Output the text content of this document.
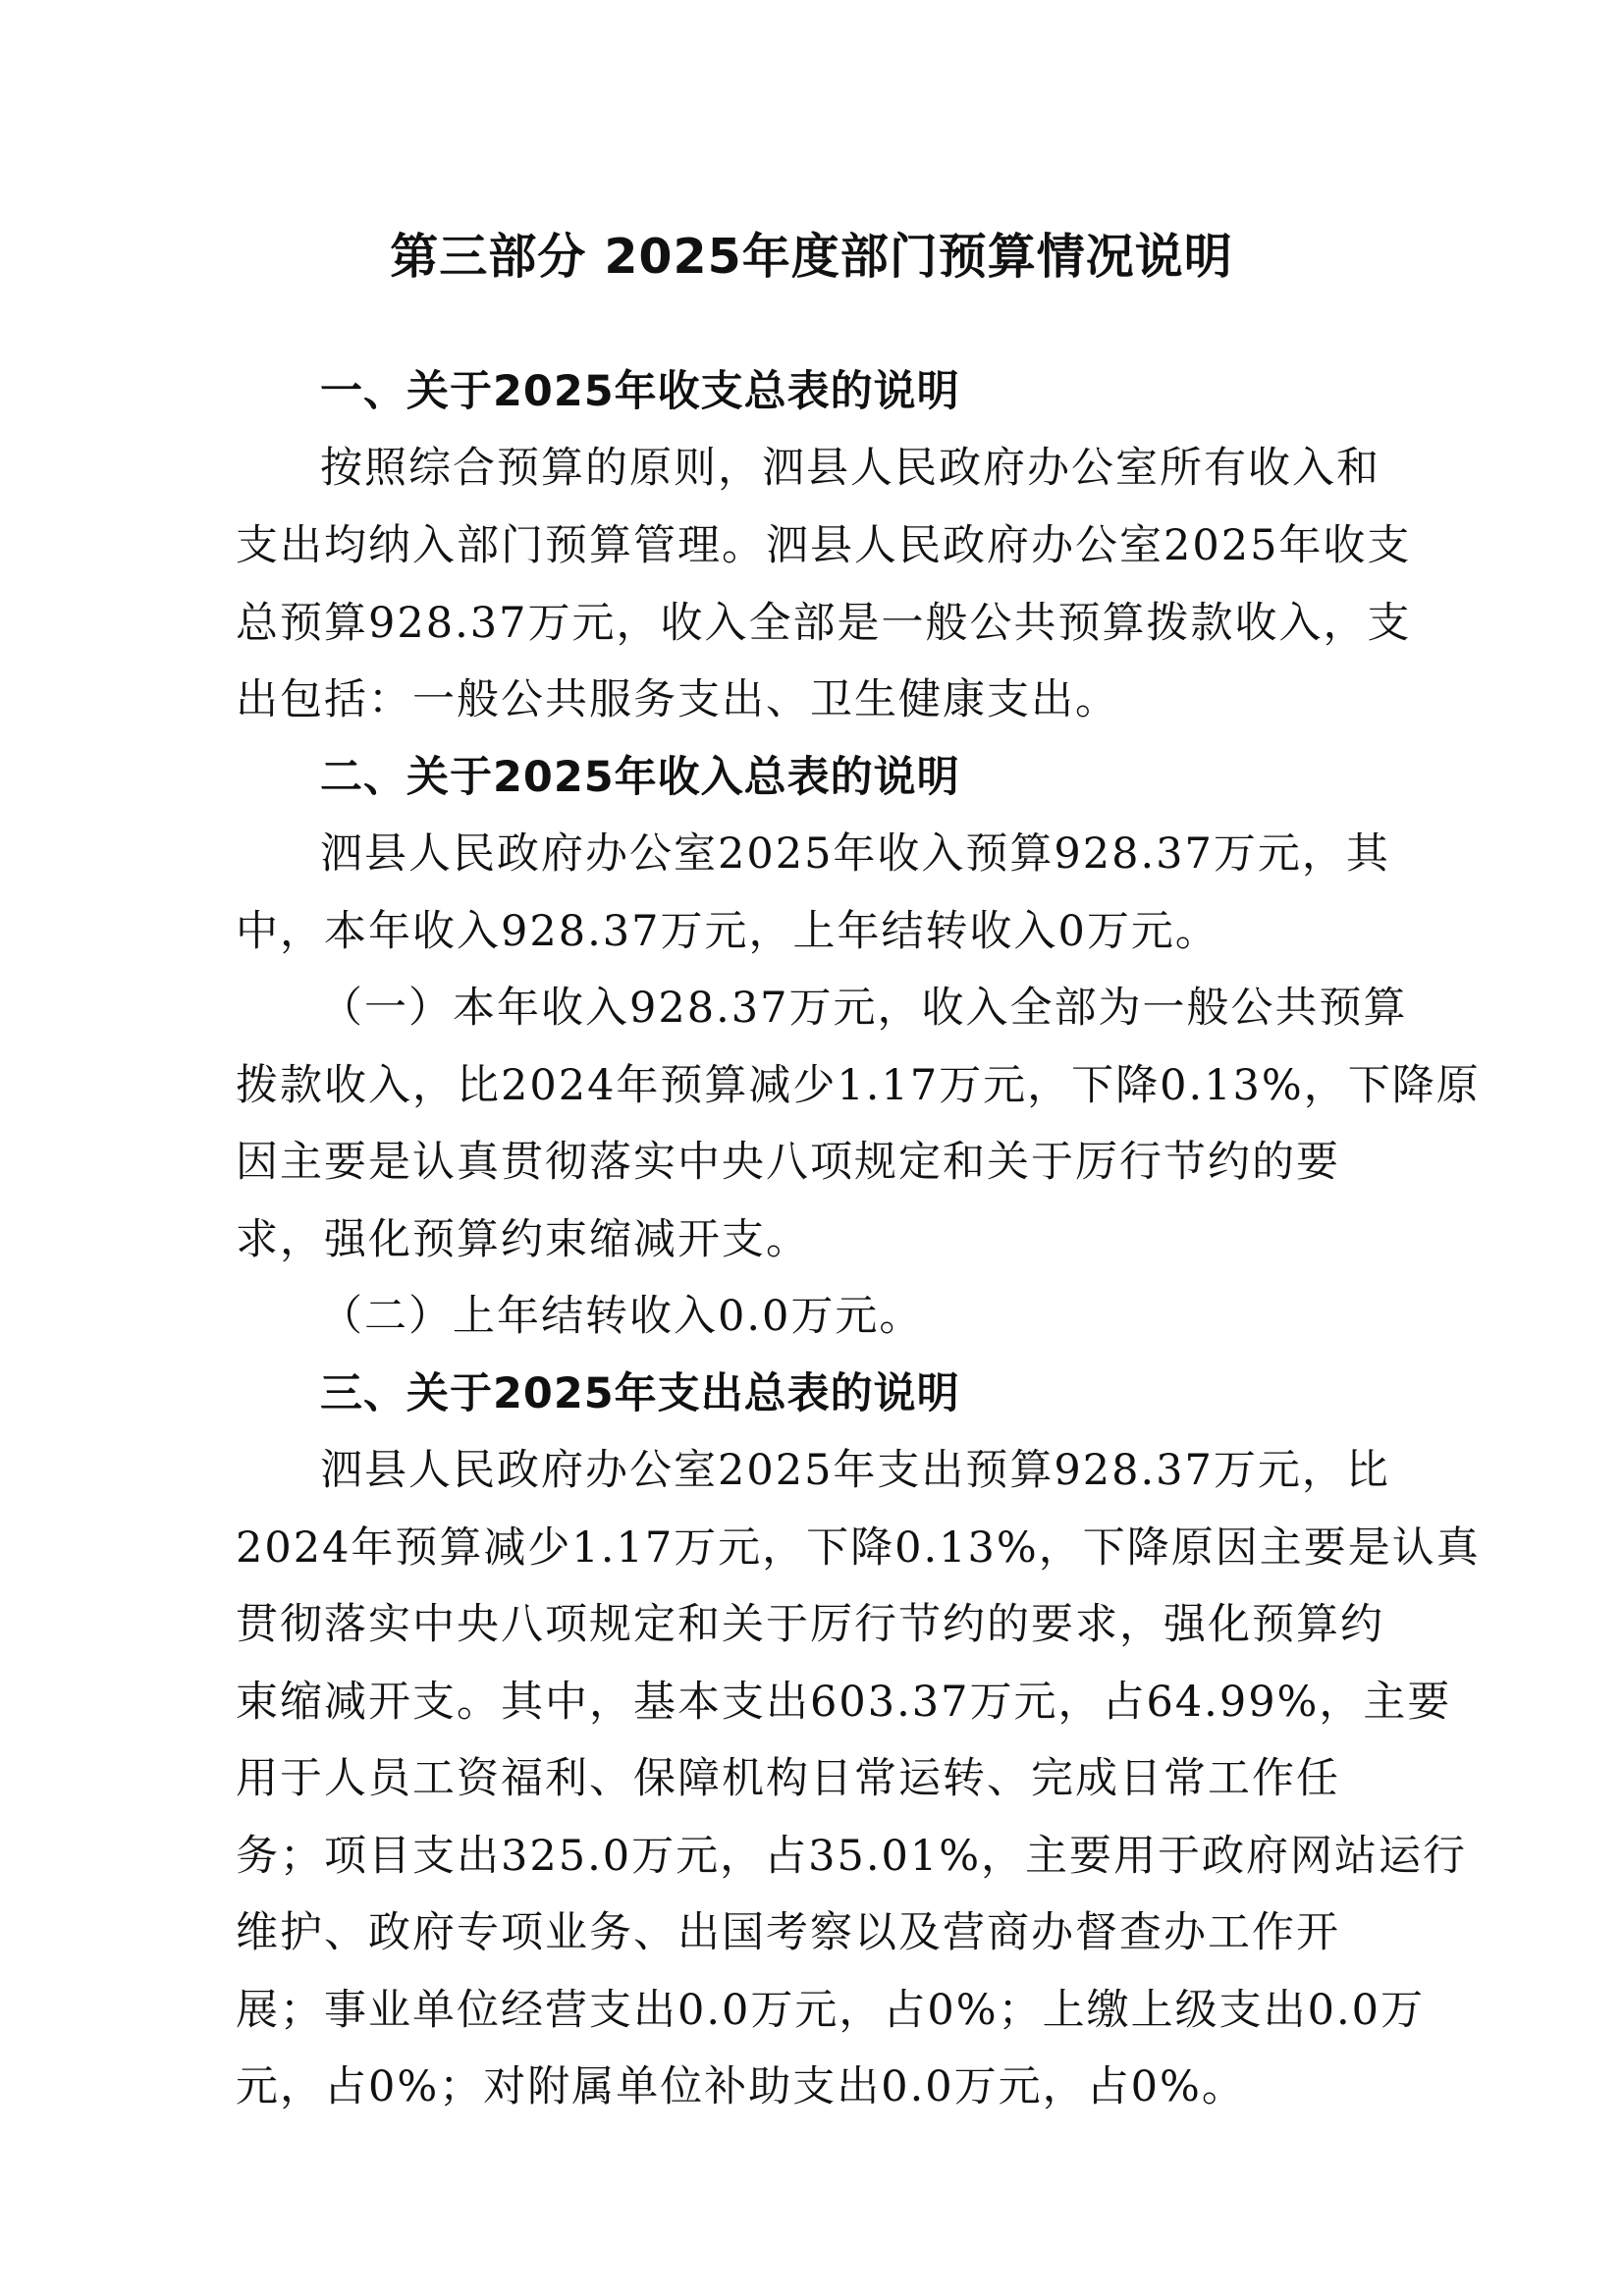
第三部分 2025年度部门预算情况说明

一、关于2025年收支总表的说明

按照综合预算的原则，泗县人民政府办公室所有收入和

支出均纳入部门预算管理。泗县人民政府办公室2025年收支

总预算928.37万元，收入全部是一般公共预算拨款收入，支

出包括：一般公共服务支出、卫生健康支出。

二、关于2025年收入总表的说明

泗县人民政府办公室2025年收入预算928.37万元，其

中，本年收入928.37万元，上年结转收入0万元。

（一）本年收入928.37万元，收入全部为一般公共预算

拨款收入，比2024年预算减少1.17万元，下降0.13%，下降原

因主要是认真贯彻落实中央八项规定和关于厉行节约的要

求，强化预算约束缩减开支。

（二）上年结转收入0.0万元。

三、关于2025年支出总表的说明

泗县人民政府办公室2025年支出预算928.37万元，比

2024年预算减少1.17万元，下降0.13%，下降原因主要是认真

贯彻落实中央八项规定和关于厉行节约的要求，强化预算约

束缩减开支。其中，基本支出603.37万元，占64.99%，主要

用于人员工资福利、保障机构日常运转、完成日常工作任

务；项目支出325.0万元，占35.01%，主要用于政府网站运行

维护、政府专项业务、出国考察以及营商办督查办工作开

展；事业单位经营支出0.0万元，占0%；上缴上级支出0.0万

元，占0%；对附属单位补助支出0.0万元，占0%。
